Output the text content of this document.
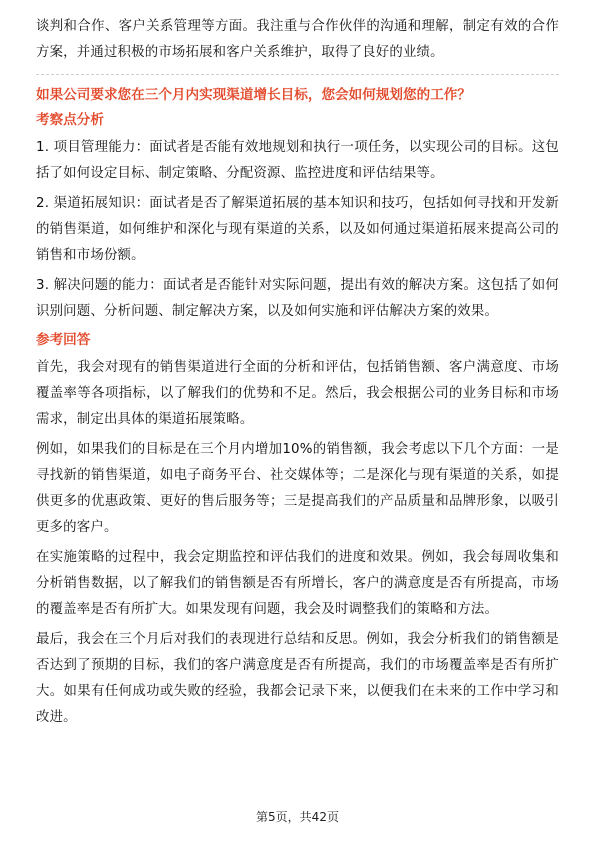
谈判和合作、客户关系管理等方面。我注重与合作伙伴的沟通和理解，制定有效的合作方案，并通过积极的市场拓展和客户关系维护，取得了良好的业绩。

如果公司要求您在三个月内实现渠道增长目标，您会如何规划您的工作？

考察点分析

1. 项目管理能力：面试者是否能有效地规划和执行一项任务，以实现公司的目标。这包括了如何设定目标、制定策略、分配资源、监控进度和评估结果等。

2. 渠道拓展知识：面试者是否了解渠道拓展的基本知识和技巧，包括如何寻找和开发新的销售渠道，如何维护和深化与现有渠道的关系，以及如何通过渠道拓展来提高公司的销售和市场份额。

3. 解决问题的能力：面试者是否能针对实际问题，提出有效的解决方案。这包括了如何识别问题、分析问题、制定解决方案，以及如何实施和评估解决方案的效果。

参考回答

首先，我会对现有的销售渠道进行全面的分析和评估，包括销售额、客户满意度、市场覆盖率等各项指标，以了解我们的优势和不足。然后，我会根据公司的业务目标和市场需求，制定出具体的渠道拓展策略。

例如，如果我们的目标是在三个月内增加10%的销售额，我会考虑以下几个方面：一是寻找新的销售渠道，如电子商务平台、社交媒体等；二是深化与现有渠道的关系，如提供更多的优惠政策、更好的售后服务等；三是提高我们的产品质量和品牌形象，以吸引更多的客户。

在实施策略的过程中，我会定期监控和评估我们的进度和效果。例如，我会每周收集和分析销售数据，以了解我们的销售额是否有所增长，客户的满意度是否有所提高，市场的覆盖率是否有所扩大。如果发现有问题，我会及时调整我们的策略和方法。

最后，我会在三个月后对我们的表现进行总结和反思。例如，我会分析我们的销售额是否达到了预期的目标，我们的客户满意度是否有所提高，我们的市场覆盖率是否有所扩大。如果有任何成功或失败的经验，我都会记录下来，以便我们在未来的工作中学习和改进。

第5页，共42页
